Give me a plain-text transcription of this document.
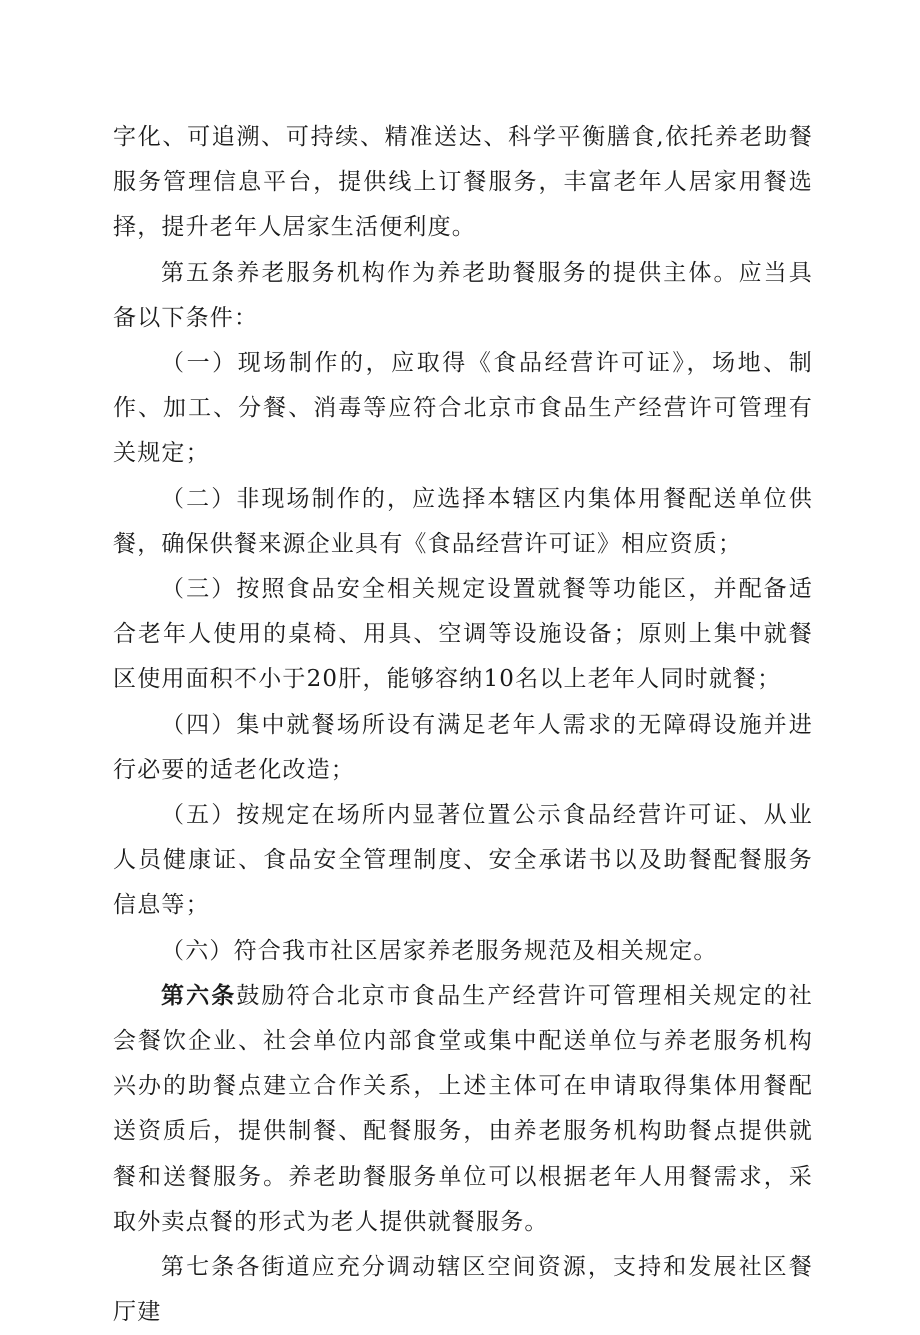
字化、可追溯、可持续、精准送达、科学平衡膳食,依托养老助餐服务管理信息平台，提供线上订餐服务，丰富老年人居家用餐选择，提升老年人居家生活便利度。

第五条养老服务机构作为养老助餐服务的提供主体。应当具备以下条件：

（一）现场制作的，应取得《食品经营许可证》，场地、制作、加工、分餐、消毒等应符合北京市食品生产经营许可管理有关规定；

（二）非现场制作的，应选择本辖区内集体用餐配送单位供餐，确保供餐来源企业具有《食品经营许可证》相应资质；

（三）按照食品安全相关规定设置就餐等功能区，并配备适合老年人使用的桌椅、用具、空调等设施设备；原则上集中就餐区使用面积不小于20肝，能够容纳10名以上老年人同时就餐；

（四）集中就餐场所设有满足老年人需求的无障碍设施并进行必要的适老化改造；

（五）按规定在场所内显著位置公示食品经营许可证、从业人员健康证、食品安全管理制度、安全承诺书以及助餐配餐服务信息等；

（六）符合我市社区居家养老服务规范及相关规定。

第六条鼓励符合北京市食品生产经营许可管理相关规定的社会餐饮企业、社会单位内部食堂或集中配送单位与养老服务机构兴办的助餐点建立合作关系，上述主体可在申请取得集体用餐配送资质后，提供制餐、配餐服务，由养老服务机构助餐点提供就餐和送餐服务。养老助餐服务单位可以根据老年人用餐需求，采取外卖点餐的形式为老人提供就餐服务。

第七条各街道应充分调动辖区空间资源，支持和发展社区餐厅建
